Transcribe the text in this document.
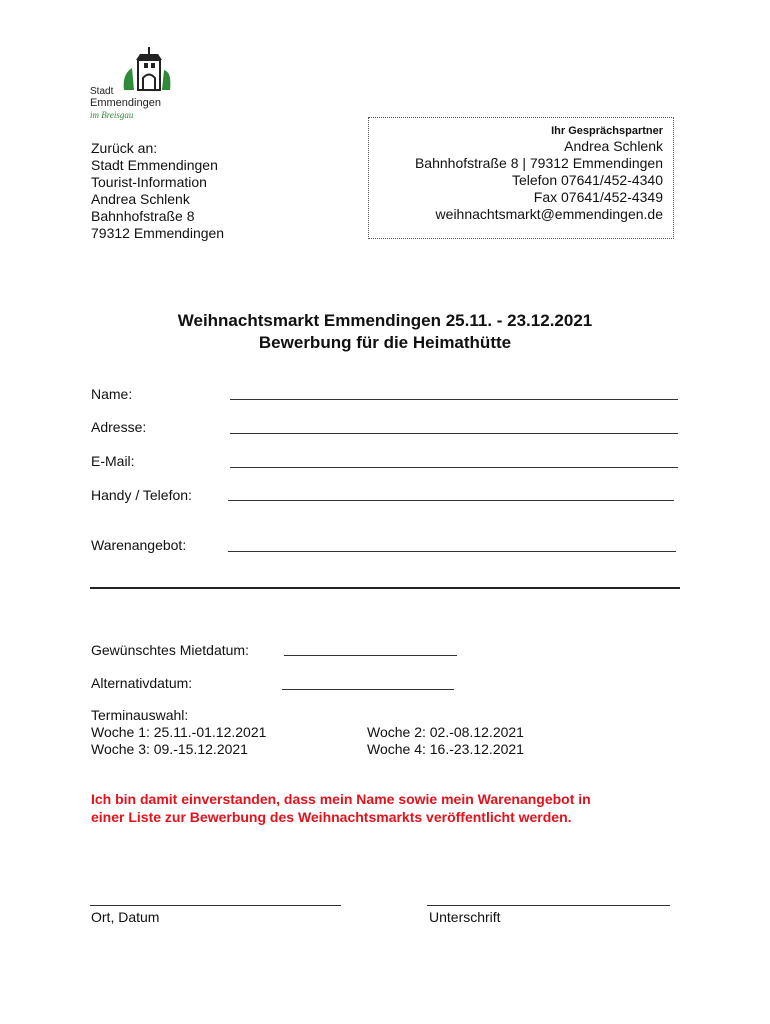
Stadt
Emmendingen
im Breisgau
Zurück an:
Stadt Emmendingen
Tourist-Information
Andrea Schlenk
Bahnhofstraße 8
79312 Emmendingen
Ihr Gesprächspartner
Andrea Schlenk
Bahnhofstraße 8 | 79312 Emmendingen
Telefon 07641/452-4340
Fax 07641/452-4349
weihnachtsmarkt@emmendingen.de
Weihnachtsmarkt Emmendingen 25.11. - 23.12.2021
Bewerbung für die Heimathütte
Name:
Adresse:
E-Mail:
Handy / Telefon:
Warenangebot:
Gewünschtes Mietdatum:
Alternativdatum:
Terminauswahl:
Woche 1: 25.11.-01.12.2021	Woche 2: 02.-08.12.2021
Woche 3: 09.-15.12.2021	Woche 4: 16.-23.12.2021
Ich bin damit einverstanden, dass mein Name sowie mein Warenangebot in
einer Liste zur Bewerbung des Weihnachtsmarkts veröffentlicht werden.
Ort, Datum	Unterschrift
